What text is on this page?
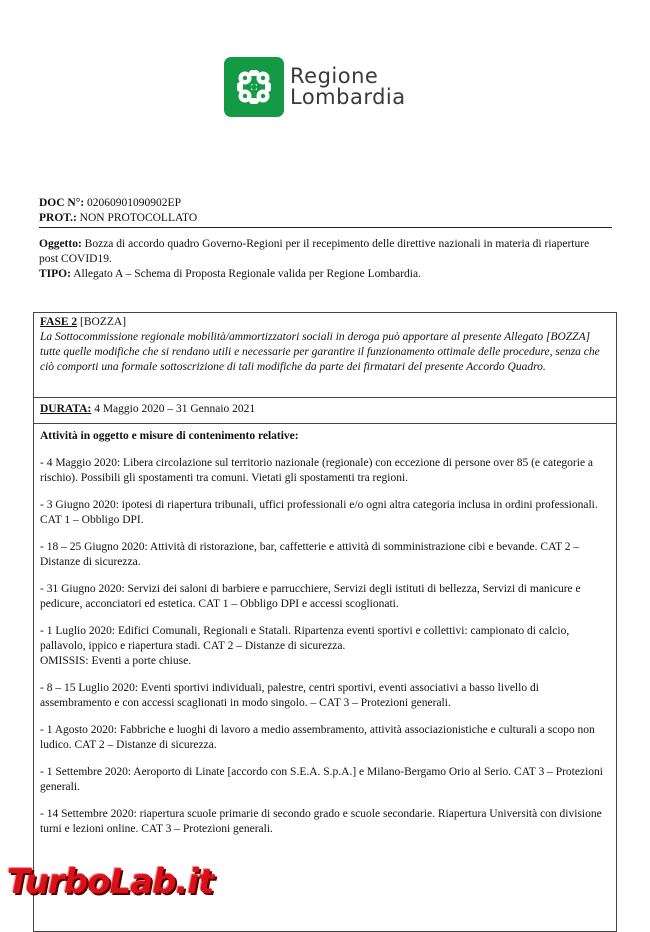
Regione
Lombardia
DOC N°: 02060901090902EP
PROT.: NON PROTOCOLLATO
Oggetto: Bozza di accordo quadro Governo-Regioni per il recepimento delle direttive nazionali in materia di riaperture post COVID19.
TIPO: Allegato A – Schema di Proposta Regionale valida per Regione Lombardia.
FASE 2 [BOZZA]
La Sottocommissione regionale mobilità/ammortizzatori sociali in deroga può apportare al presente Allegato [BOZZA] tutte quelle modifiche che si rendano utili e necessarie per garantire il funzionamento ottimale delle procedure, senza che ciò comporti una formale sottoscrizione di tali modifiche da parte dei firmatari del presente Accordo Quadro.
DURATA: 4 Maggio 2020 – 31 Gennaio 2021
Attività in oggetto e misure di contenimento relative:
- 4 Maggio 2020: Libera circolazione sul territorio nazionale (regionale) con eccezione di persone over 85 (e categorie a rischio). Possibili gli spostamenti tra comuni. Vietati gli spostamenti tra regioni.
- 3 Giugno 2020: ipotesi di riapertura tribunali, uffici professionali e/o ogni altra categoria inclusa in ordini professionali. CAT 1 – Obbligo DPI.
- 18 – 25 Giugno 2020: Attività di ristorazione, bar, caffetterie e attività di somministrazione cibi e bevande. CAT 2 – Distanze di sicurezza.
- 31 Giugno 2020: Servizi dei saloni di barbiere e parrucchiere, Servizi degli istituti di bellezza, Servizi di manicure e pedicure, acconciatori ed estetica. CAT 1 – Obbligo DPI e accessi scoglionati.
- 1 Luglio 2020: Edifici Comunali, Regionali e Statali. Ripartenza eventi sportivi e collettivi: campionato di calcio, pallavolo, ippico e riapertura stadi. CAT 2 – Distanze di sicurezza.
OMISSIS: Eventi a porte chiuse.
- 8 – 15 Luglio 2020: Eventi sportivi individuali, palestre, centri sportivi, eventi associativi a basso livello di assembramento e con accessi scaglionati in modo singolo. – CAT 3 – Protezioni generali.
- 1 Agosto 2020: Fabbriche e luoghi di lavoro a medio assembramento, attività associazionistiche e culturali a scopo non ludico. CAT 2 – Distanze di sicurezza.
- 1 Settembre 2020: Aeroporto di Linate [accordo con S.E.A. S.p.A.] e Milano-Bergamo Orio al Serio. CAT 3 – Protezioni generali.
- 14 Settembre 2020: riapertura scuole primarie di secondo grado e scuole secondarie. Riapertura Università con divisione turni e lezioni online. CAT 3 – Protezioni generali.
TurboLab.it
